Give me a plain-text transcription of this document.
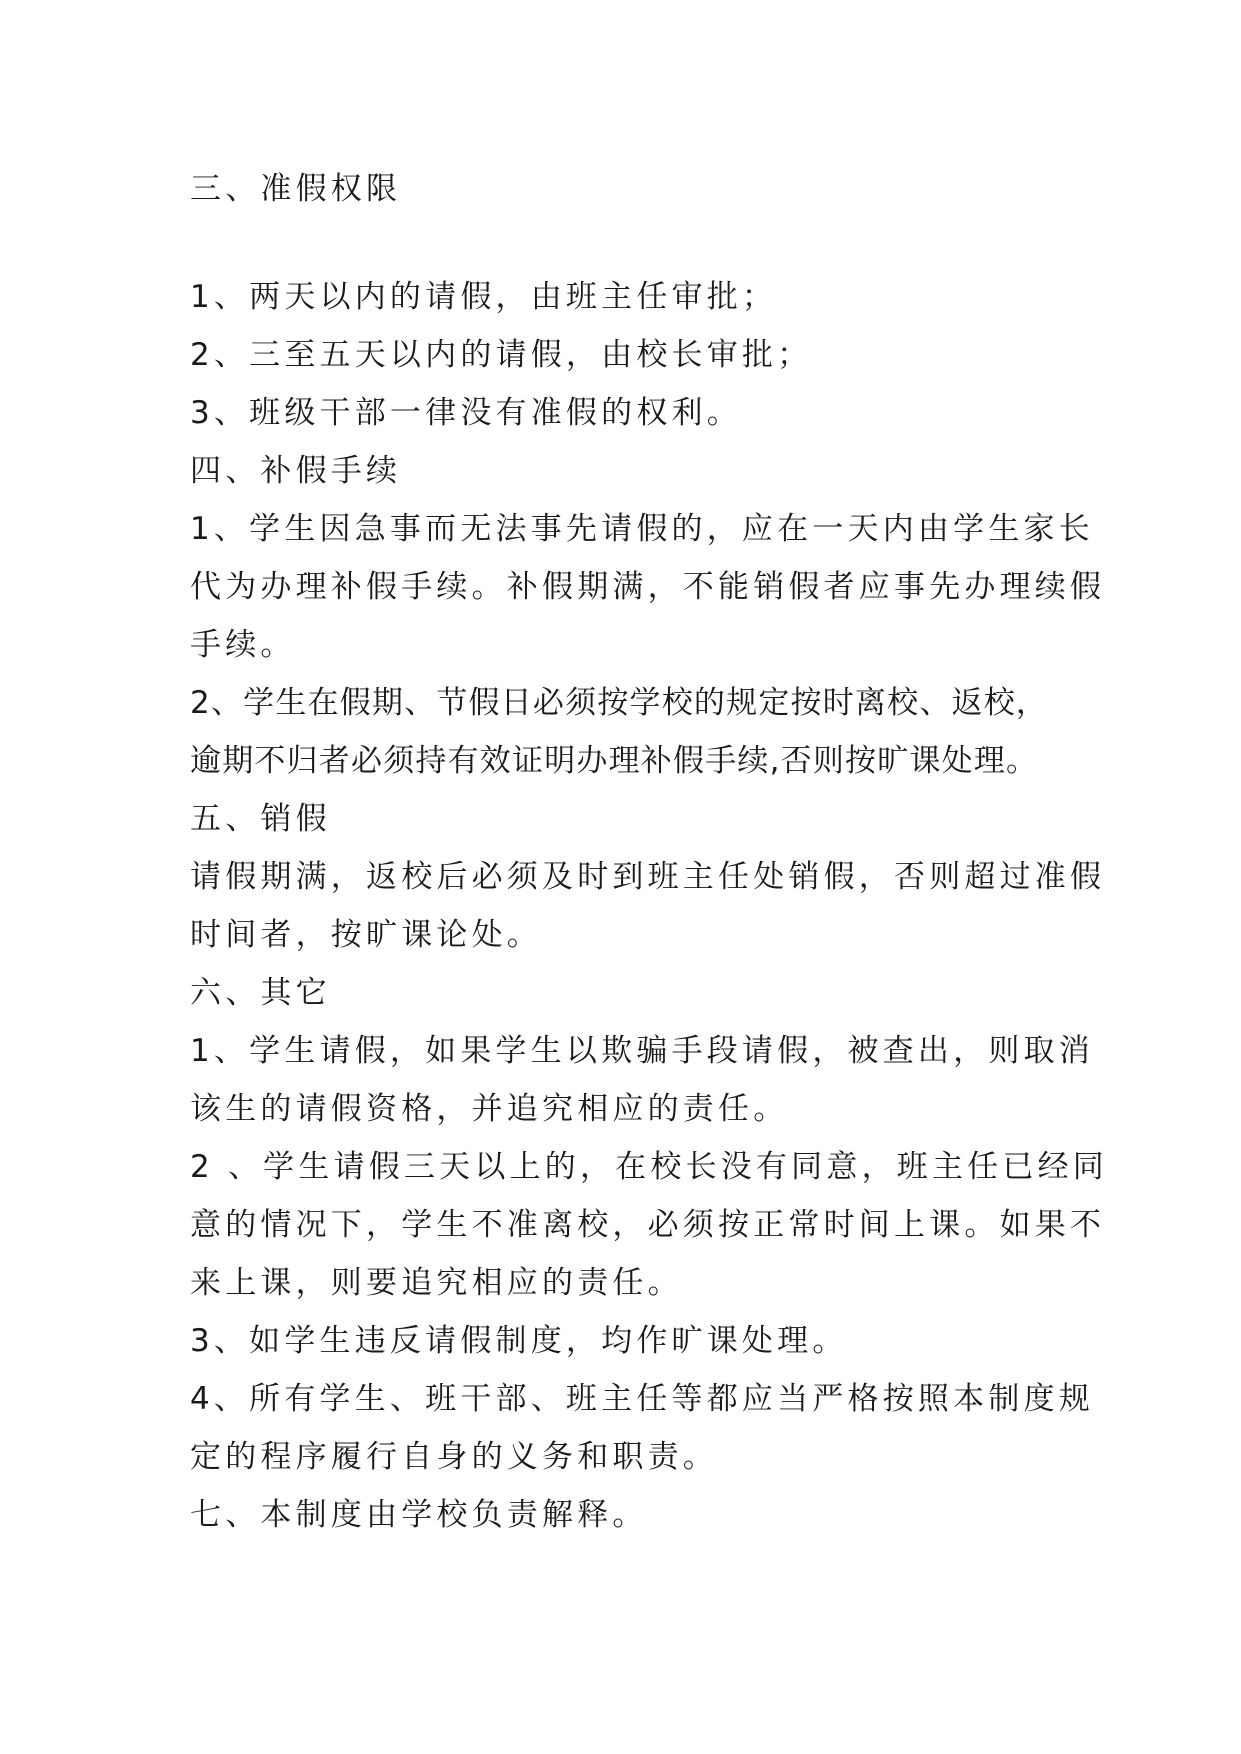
三、准假权限
1、两天以内的请假，由班主任审批；
2、三至五天以内的请假，由校长审批；
3、班级干部一律没有准假的权利。
四、补假手续
1、学生因急事而无法事先请假的，应在一天内由学生家长
代为办理补假手续。补假期满，不能销假者应事先办理续假
手续。
2、学生在假期、节假日必须按学校的规定按时离校、返校，
逾期不归者必须持有效证明办理补假手续,否则按旷课处理。
五、销假
请假期满，返校后必须及时到班主任处销假，否则超过准假
时间者，按旷课论处。
六、其它
1、学生请假，如果学生以欺骗手段请假，被查出，则取消
该生的请假资格，并追究相应的责任。
2 、学生请假三天以上的，在校长没有同意，班主任已经同
意的情况下，学生不准离校，必须按正常时间上课。如果不
来上课，则要追究相应的责任。
3、如学生违反请假制度，均作旷课处理。
4、所有学生、班干部、班主任等都应当严格按照本制度规
定的程序履行自身的义务和职责。
七、本制度由学校负责解释。
